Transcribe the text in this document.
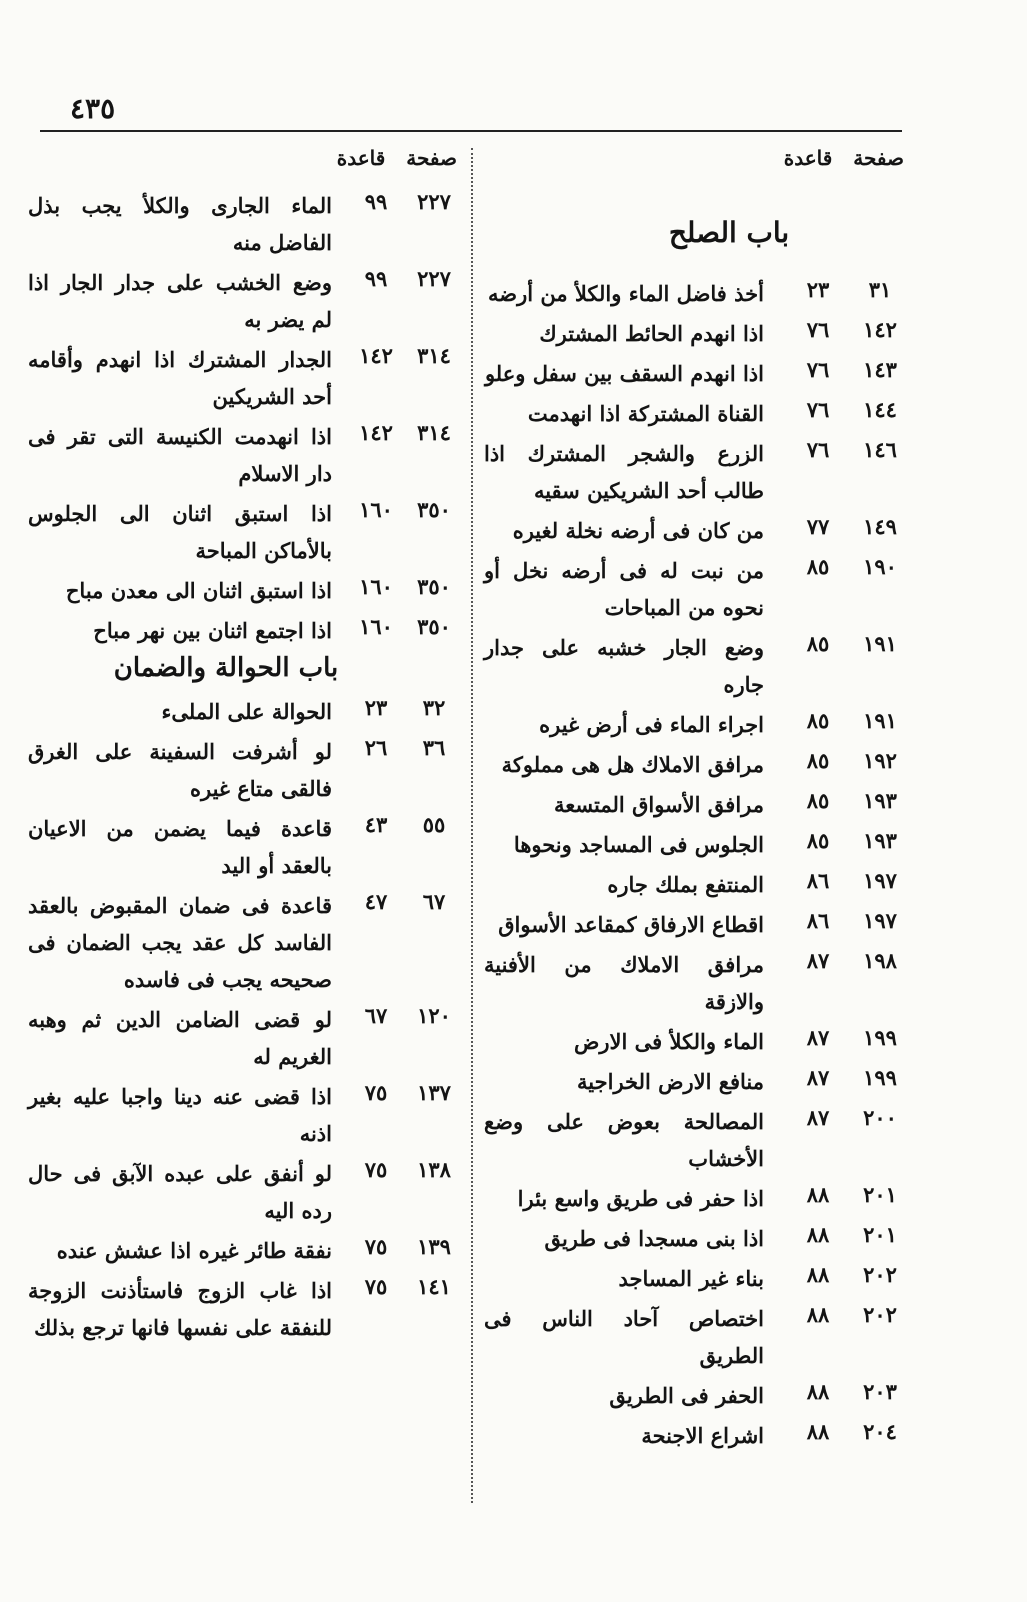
٤٣٥
صفحة قاعدة
صفحة قاعدة
باب الصلح
٣١
٢٣
أخذ فاضل الماء والكلأ من أرضه
١٤٢
٧٦
اذا انهدم الحائط المشترك
١٤٣
٧٦
اذا انهدم السقف بين سفل وعلو
١٤٤
٧٦
القناة المشتركة اذا انهدمت
١٤٦
٧٦
الزرع والشجر المشترك اذا طالب أحد الشريكين سقيه
١٤٩
٧٧
من كان فى أرضه نخلة لغيره
١٩٠
٨٥
من نبت له فى أرضه نخل أو نحوه من المباحات
١٩١
٨٥
وضع الجار خشبه على جدار جاره
١٩١
٨٥
اجراء الماء فى أرض غيره
١٩٢
٨٥
مرافق الاملاك هل هى مملوكة
١٩٣
٨٥
مرافق الأسواق المتسعة
١٩٣
٨٥
الجلوس فى المساجد ونحوها
١٩٧
٨٦
المنتفع بملك جاره
١٩٧
٨٦
اقطاع الارفاق كمقاعد الأسواق
١٩٨
٨٧
مرافق الاملاك من الأفنية والازقة
١٩٩
٨٧
الماء والكلأ فى الارض
١٩٩
٨٧
منافع الارض الخراجية
٢٠٠
٨٧
المصالحة بعوض على وضع الأخشاب
٢٠١
٨٨
اذا حفر فى طريق واسع بئرا
٢٠١
٨٨
اذا بنى مسجدا فى طريق
٢٠٢
٨٨
بناء غير المساجد
٢٠٢
٨٨
اختصاص آحاد الناس فى الطريق
٢٠٣
٨٨
الحفر فى الطريق
٢٠٤
٨٨
اشراع الاجنحة
٢٢٧
٩٩
الماء الجارى والكلأ يجب بذل الفاضل منه
٢٢٧
٩٩
وضع الخشب على جدار الجار اذا لم يضر به
٣١٤
١٤٢
الجدار المشترك اذا انهدم وأقامه أحد الشريكين
٣١٤
١٤٢
اذا انهدمت الكنيسة التى تقر فى دار الاسلام
٣٥٠
١٦٠
اذا استبق اثنان الى الجلوس بالأماكن المباحة
٣٥٠
١٦٠
اذا استبق اثنان الى معدن مباح
٣٥٠
١٦٠
اذا اجتمع اثنان بين نهر مباح
باب الحوالة والضمان
٣٢
٢٣
الحوالة على الملىء
٣٦
٢٦
لو أشرفت السفينة على الغرق فالقى متاع غيره
٥٥
٤٣
قاعدة فيما يضمن من الاعيان بالعقد أو اليد
٦٧
٤٧
قاعدة فى ضمان المقبوض بالعقد الفاسد كل عقد يجب الضمان فى صحيحه يجب فى فاسده
١٢٠
٦٧
لو قضى الضامن الدين ثم وهبه الغريم له
١٣٧
٧٥
اذا قضى عنه دينا واجبا عليه بغير اذنه
١٣٨
٧٥
لو أنفق على عبده الآبق فى حال رده اليه
١٣٩
٧٥
نفقة طائر غيره اذا عشش عنده
١٤١
٧٥
اذا غاب الزوج فاستأذنت الزوجة للنفقة على نفسها فانها ترجع بذلك
